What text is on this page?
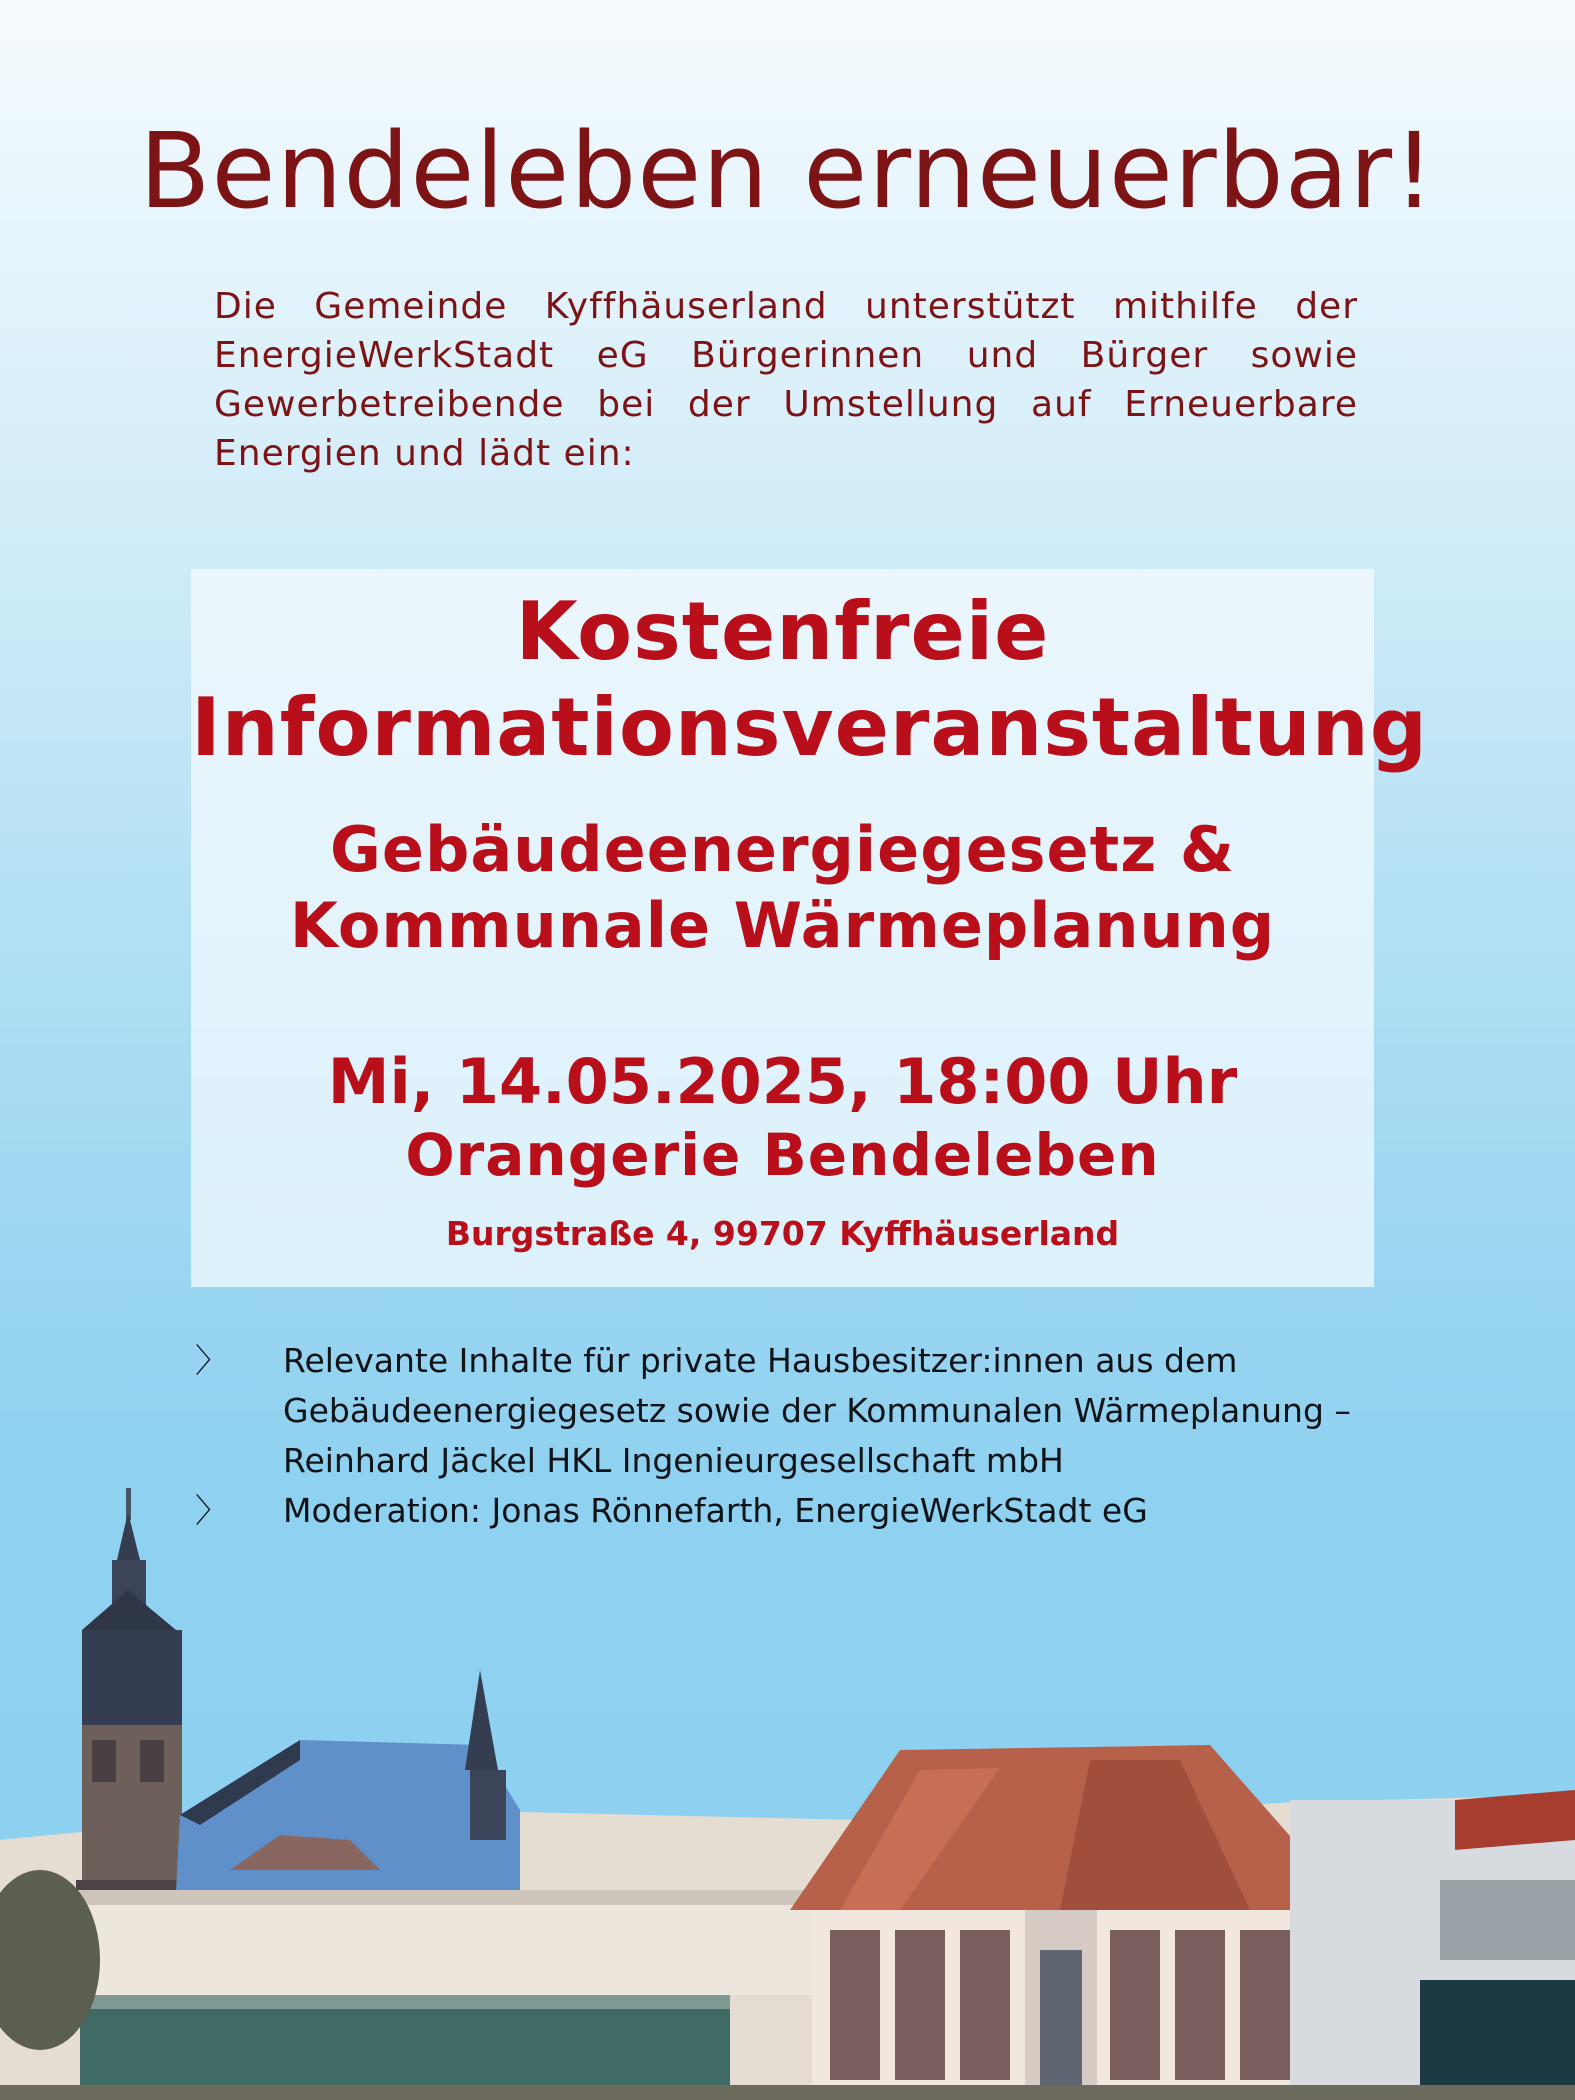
Bendeleben erneuerbar!

Die Gemeinde Kyffhäuserland unterstützt mithilfe der EnergieWerkStadt eG Bürgerinnen und Bürger sowie Gewerbetreibende bei der Umstellung auf Erneuerbare Energien und lädt ein:

Kostenfreie

Informationsveranstaltung

Gebäudeenergiegesetz &

Kommunale Wärmeplanung

Mi, 14.05.2025, 18:00 Uhr

Orangerie Bendeleben

Burgstraße 4, 99707 Kyffhäuserland

〉 Relevante Inhalte für private Hausbesitzer:innen aus dem Gebäudeenergiegesetz sowie der Kommunalen Wärmeplanung – Reinhard Jäckel HKL Ingenieurgesellschaft mbH
〉 Moderation: Jonas Rönnefarth, EnergieWerkStadt eG
